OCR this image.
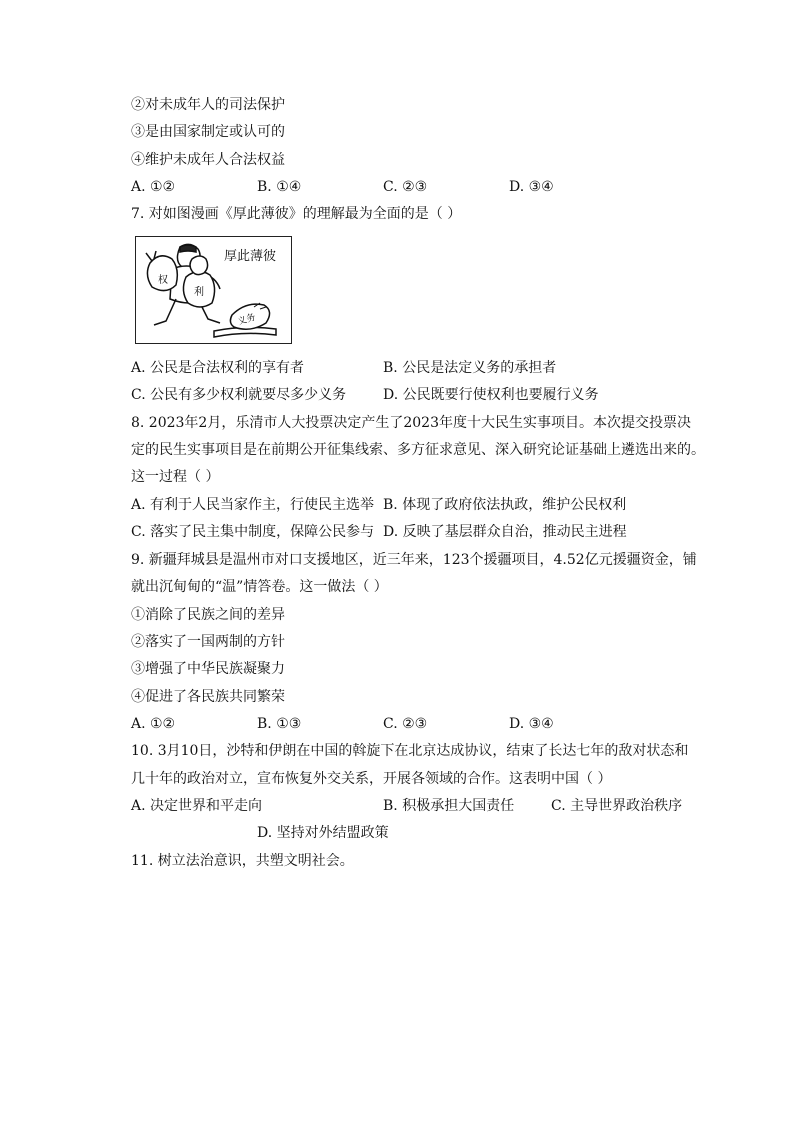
②对未成年人的司法保护
③是由国家制定或认可的
④维护未成年人合法权益
A. ①②	B. ①④	C. ②③	D. ③④
7. 对如图漫画《厚此薄彼》的理解最为全面的是（ ）
权
利
义务
厚此薄彼
A. 公民是合法权利的享有者	B. 公民是法定义务的承担者
C. 公民有多少权利就要尽多少义务	D. 公民既要行使权利也要履行义务
8. 2023年2月，乐清市人大投票决定产生了2023年度十大民生实事项目。本次提交投票决
定的民生实事项目是在前期公开征集线索、多方征求意见、深入研究论证基础上遴选出来的。
这一过程（ ）
A. 有利于人民当家作主，行使民主选举 B. 体现了政府依法执政，维护公民权利
C. 落实了民主集中制度，保障公民参与 D. 反映了基层群众自治，推动民主进程
9. 新疆拜城县是温州市对口支援地区，近三年来，123个援疆项目，4.52亿元援疆资金，铺
就出沉甸甸的“温”情答卷。这一做法（ ）
①消除了民族之间的差异
②落实了一国两制的方针
③增强了中华民族凝聚力
④促进了各民族共同繁荣
A. ①②	B. ①③	C. ②③	D. ③④
10. 3月10日，沙特和伊朗在中国的斡旋下在北京达成协议，结束了长达七年的敌对状态和
几十年的政治对立，宣布恢复外交关系，开展各领域的合作。这表明中国（ ）
A. 决定世界和平走向	B. 积极承担大国责任	C. 主导世界政治秩序
D. 坚持对外结盟政策
11. 树立法治意识，共塑文明社会。
